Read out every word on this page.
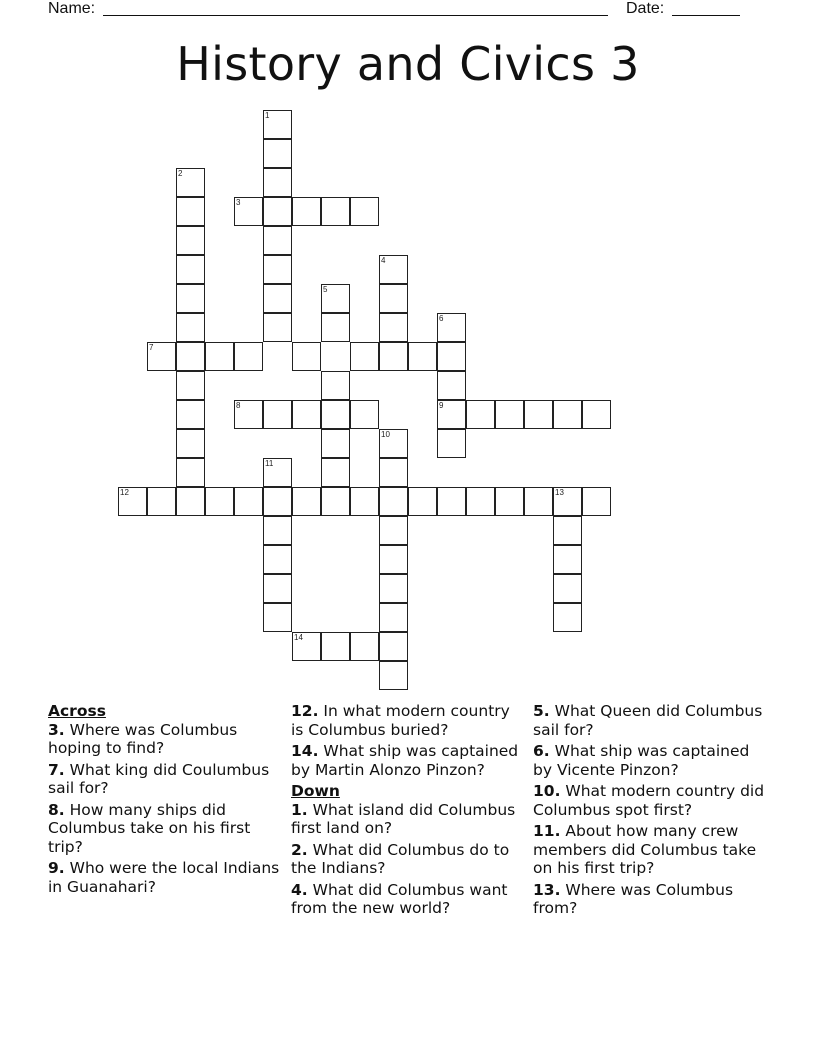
Name:	Date:
History and Civics 3
1
2
3
4
5
6
7
8	9
10
11
12	13
14
Across
3. Where was Columbus hoping to find?
7. What king did Coulumbus sail for?
8. How many ships did Columbus take on his first trip?
9. Who were the local Indians in Guanahari?
12. In what modern country is Columbus buried?
14. What ship was captained by Martin Alonzo Pinzon?
Down
1. What island did Columbus first land on?
2. What did Columbus do to the Indians?
4. What did Columbus want from the new world?
5. What Queen did Columbus sail for?
6. What ship was captained by Vicente Pinzon?
10. What modern country did Columbus spot first?
11. About how many crew members did Columbus take on his first trip?
13. Where was Columbus from?
